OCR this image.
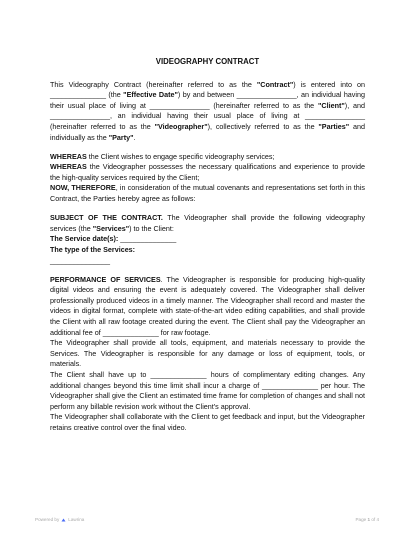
VIDEOGRAPHY CONTRACT

This Videography Contract (hereinafter referred to as the "Contract") is entered into on ______________ (the "Effective Date") by and between _______________, an individual having their usual place of living at _______________ (hereinafter referred to as the "Client"), and _______________, an individual having their usual place of living at _______________ (hereinafter referred to as the "Videographer"), collectively referred to as the "Parties" and individually as the "Party".

WHEREAS the Client wishes to engage specific videography services;

WHEREAS the Videographer possesses the necessary qualifications and experience to provide the high-quality services required by the Client;

NOW, THEREFORE, in consideration of the mutual covenants and representations set forth in this Contract, the Parties hereby agree as follows:

SUBJECT OF THE CONTRACT. The Videographer shall provide the following videography services (the "Services") to the Client:

The Service date(s): ______________

The type of the Services:

_______________

PERFORMANCE OF SERVICES. The Videographer is responsible for producing high-quality digital videos and ensuring the event is adequately covered. The Videographer shall deliver professionally produced videos in a timely manner. The Videographer shall record and master the videos in digital format, complete with state-of-the-art video editing capabilities, and shall provide the Client with all raw footage created during the event. The Client shall pay the Videographer an additional fee of ______________ for raw footage.

The Videographer shall provide all tools, equipment, and materials necessary to provide the Services. The Videographer is responsible for any damage or loss of equipment, tools, or materials.

The Client shall have up to ______________ hours of complimentary editing changes. Any additional changes beyond this time limit shall incur a charge of ______________ per hour. The Videographer shall give the Client an estimated time frame for completion of changes and shall not perform any billable revision work without the Client's approval.

The Videographer shall collaborate with the Client to get feedback and input, but the Videographer retains creative control over the final video.

Powered by Lawrina	Page 1 of 4
